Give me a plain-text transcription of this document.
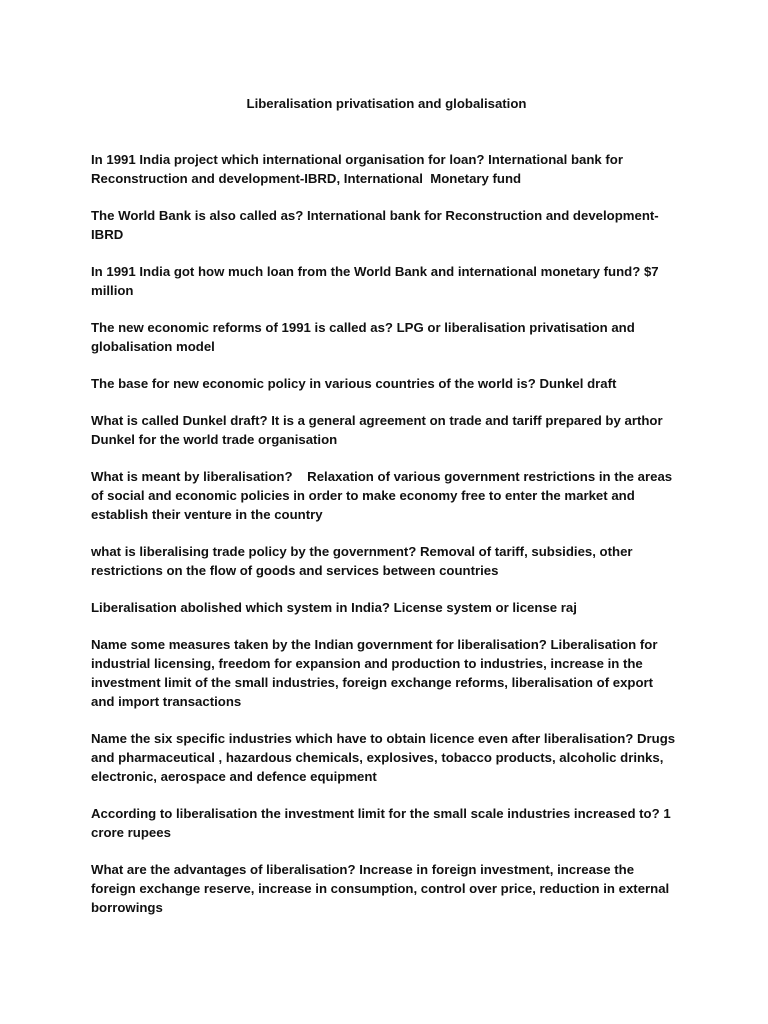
Liberalisation privatisation and globalisation
In 1991 India project which international organisation for loan? International bank for Reconstruction and development-IBRD, International  Monetary fund
The World Bank is also called as? International bank for Reconstruction and development-IBRD
In 1991 India got how much loan from the World Bank and international monetary fund? $7 million
The new economic reforms of 1991 is called as? LPG or liberalisation privatisation and globalisation model
The base for new economic policy in various countries of the world is? Dunkel draft
What is called Dunkel draft? It is a general agreement on trade and tariff prepared by arthor Dunkel for the world trade organisation
What is meant by liberalisation?    Relaxation of various government restrictions in the areas of social and economic policies in order to make economy free to enter the market and establish their venture in the country
what is liberalising trade policy by the government? Removal of tariff, subsidies, other restrictions on the flow of goods and services between countries
Liberalisation abolished which system in India? License system or license raj
Name some measures taken by the Indian government for liberalisation? Liberalisation for industrial licensing, freedom for expansion and production to industries, increase in the investment limit of the small industries, foreign exchange reforms, liberalisation of export and import transactions
Name the six specific industries which have to obtain licence even after liberalisation? Drugs and pharmaceutical , hazardous chemicals, explosives, tobacco products, alcoholic drinks, electronic, aerospace and defence equipment
According to liberalisation the investment limit for the small scale industries increased to? 1 crore rupees
What are the advantages of liberalisation? Increase in foreign investment, increase the foreign exchange reserve, increase in consumption, control over price, reduction in external borrowings
